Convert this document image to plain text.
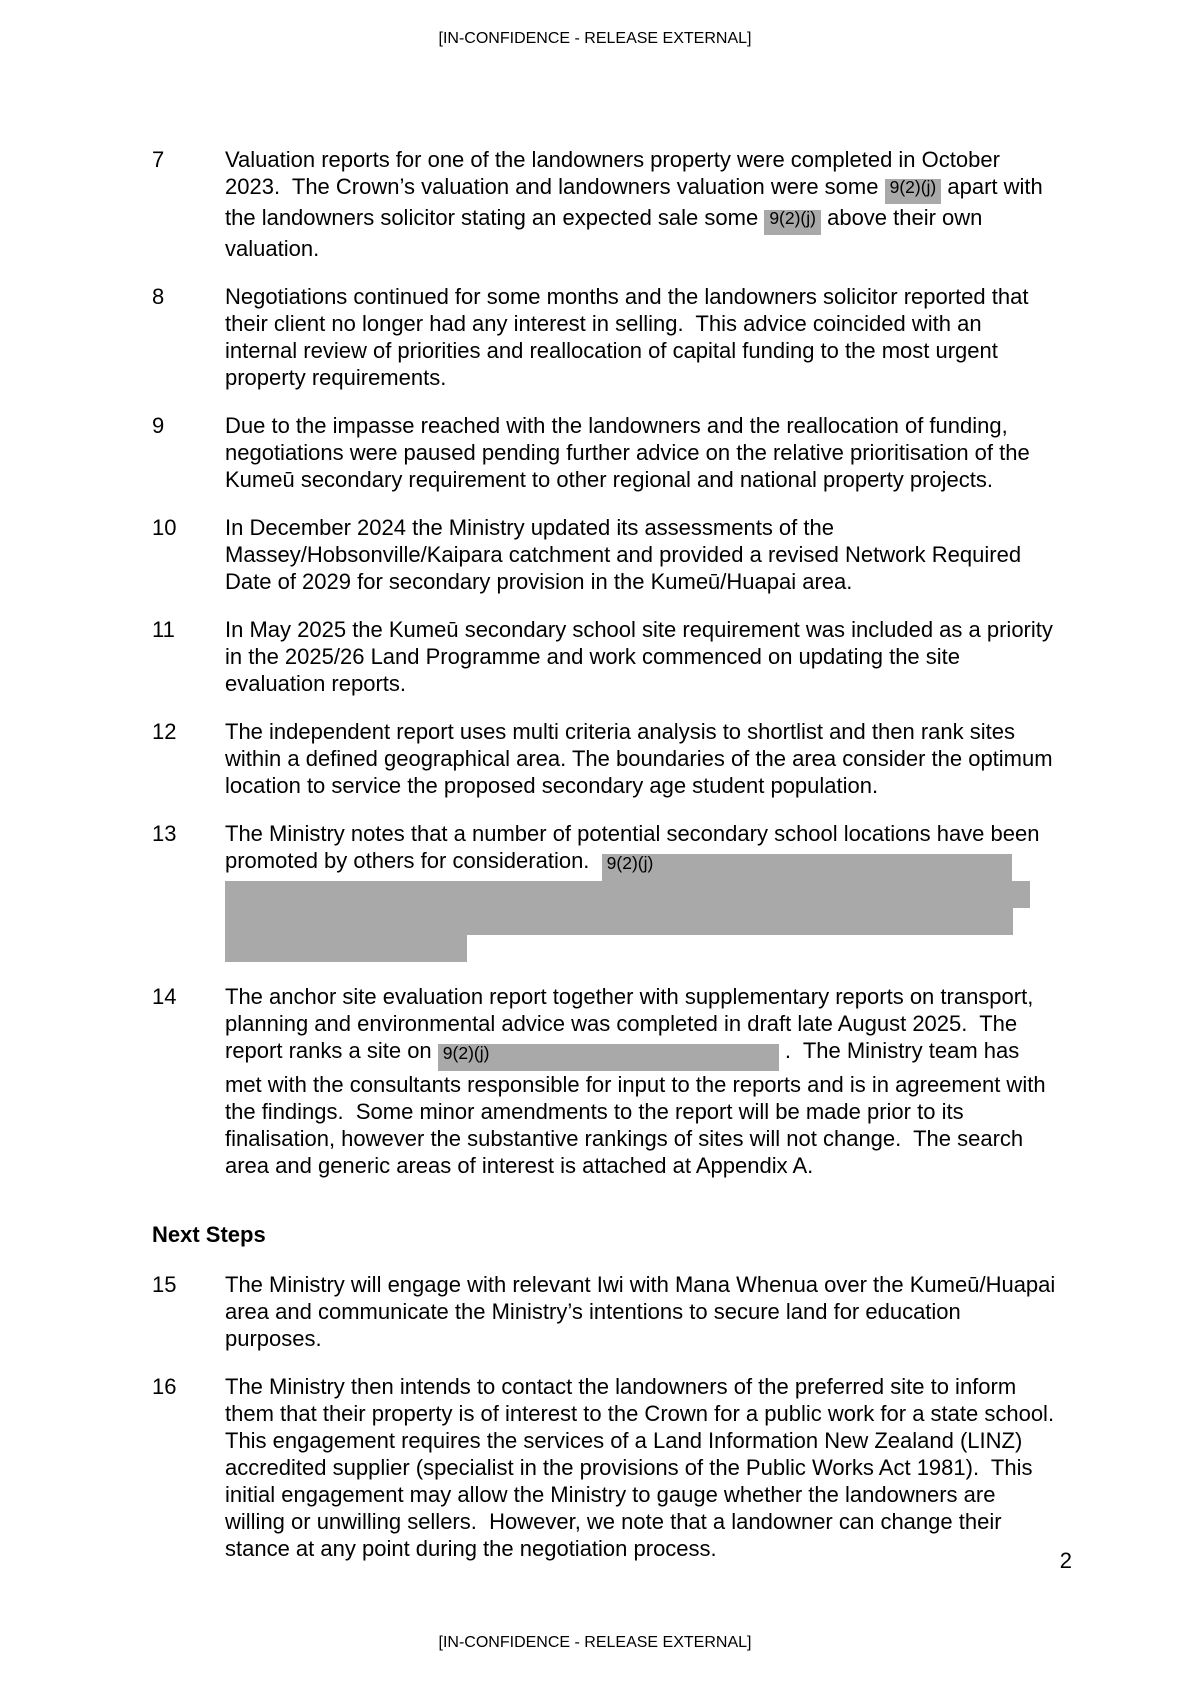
[IN-CONFIDENCE - RELEASE EXTERNAL]
7	Valuation reports for one of the landowners property were completed in October 2023.  The Crown’s valuation and landowners valuation were some 9(2)(j) apart with the landowners solicitor stating an expected sale some 9(2)(j) above their own valuation.
8	Negotiations continued for some months and the landowners solicitor reported that their client no longer had any interest in selling.  This advice coincided with an internal review of priorities and reallocation of capital funding to the most urgent property requirements.
9	Due to the impasse reached with the landowners and the reallocation of funding, negotiations were paused pending further advice on the relative prioritisation of the Kumeū secondary requirement to other regional and national property projects.
10	In December 2024 the Ministry updated its assessments of the Massey/Hobsonville/Kaipara catchment and provided a revised Network Required Date of 2029 for secondary provision in the Kumeū/Huapai area.
11	In May 2025 the Kumeū secondary school site requirement was included as a priority in the 2025/26 Land Programme and work commenced on updating the site evaluation reports.
12	The independent report uses multi criteria analysis to shortlist and then rank sites within a defined geographical area. The boundaries of the area consider the optimum location to service the proposed secondary age student population.
13	The Ministry notes that a number of potential secondary school locations have been promoted by others for consideration.  9(2)(j)
14	The anchor site evaluation report together with supplementary reports on transport, planning and environmental advice was completed in draft late August 2025.  The report ranks a site on 9(2)(j)	.  The Ministry team has met with the consultants responsible for input to the reports and is in agreement with the findings.  Some minor amendments to the report will be made prior to its finalisation, however the substantive rankings of sites will not change.  The search area and generic areas of interest is attached at Appendix A.
Next Steps
15	The Ministry will engage with relevant Iwi with Mana Whenua over the Kumeū/Huapai area and communicate the Ministry’s intentions to secure land for education purposes.
16	The Ministry then intends to contact the landowners of the preferred site to inform them that their property is of interest to the Crown for a public work for a state school.  This engagement requires the services of a Land Information New Zealand (LINZ) accredited supplier (specialist in the provisions of the Public Works Act 1981).  This initial engagement may allow the Ministry to gauge whether the landowners are willing or unwilling sellers.  However, we note that a landowner can change their stance at any point during the negotiation process.	2
[IN-CONFIDENCE - RELEASE EXTERNAL]
